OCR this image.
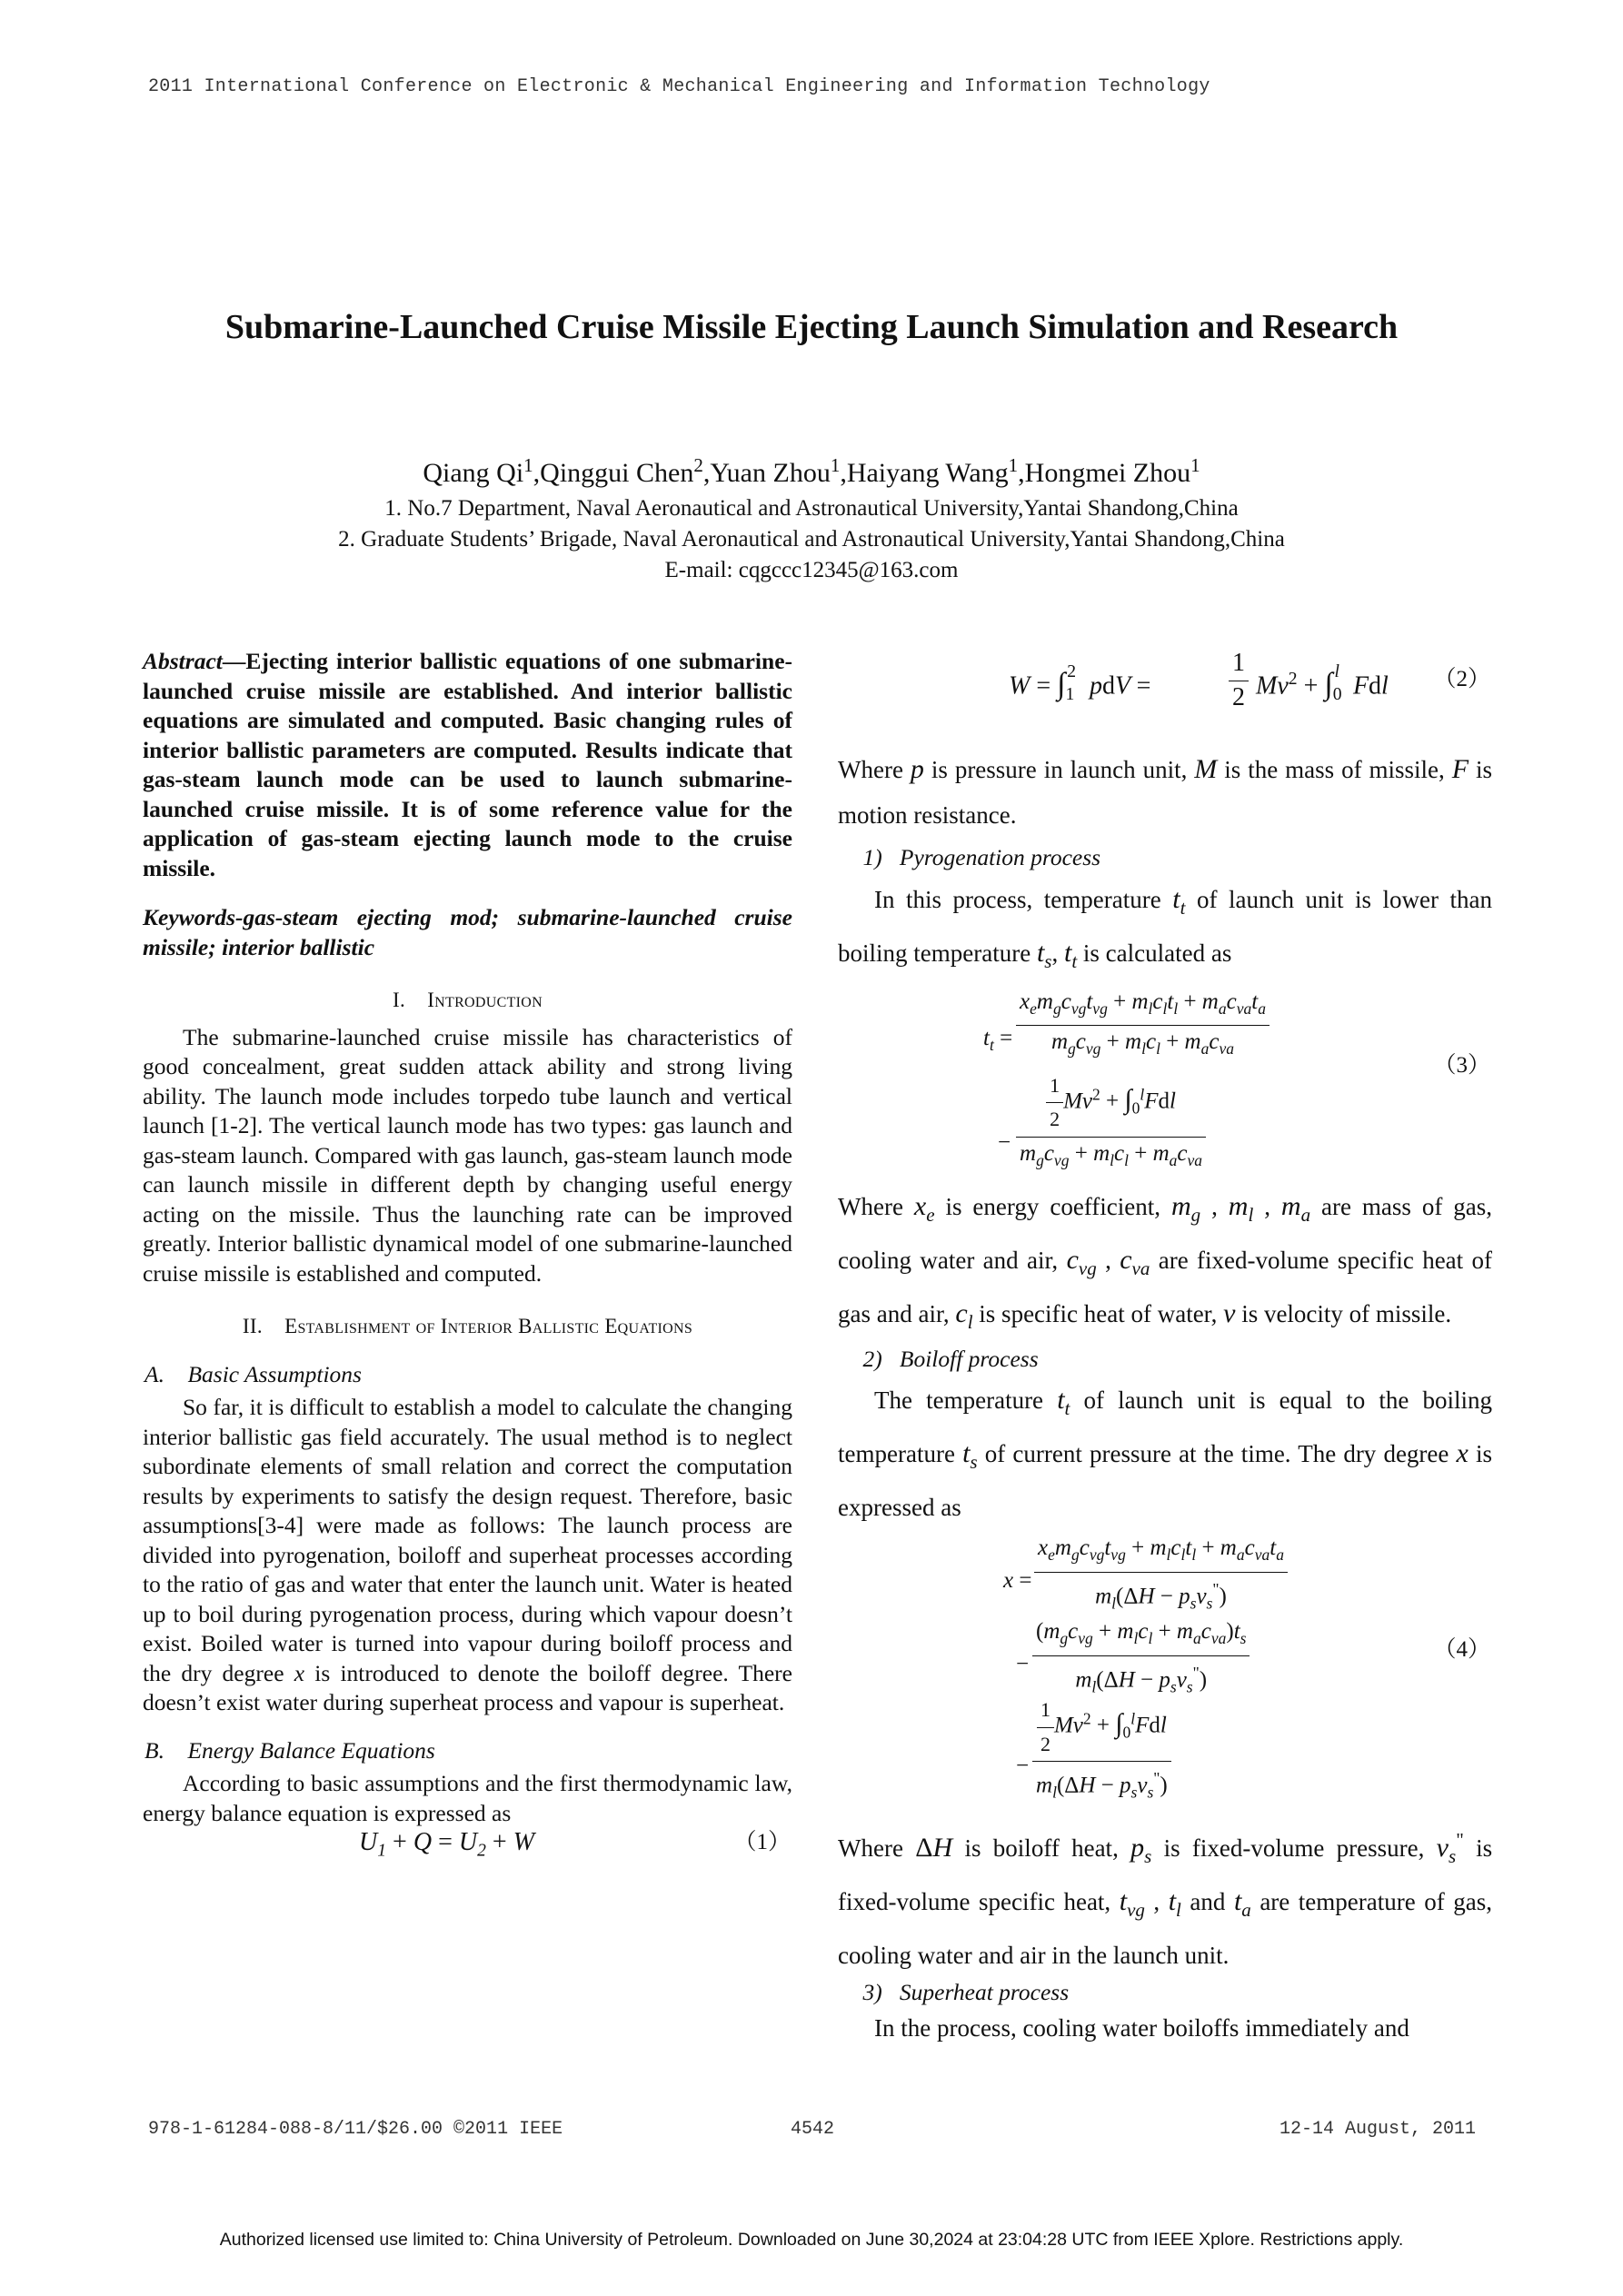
2011 International Conference on Electronic & Mechanical Engineering and Information Technology
Submarine-Launched Cruise Missile Ejecting Launch Simulation and Research
Qiang Qi$^1$,Qinggui Chen$^2$,Yuan Zhou$^1$,Haiyang Wang$^1$,Hongmei Zhou$^1$
1. No.7 Department, Naval Aeronautical and Astronautical University,Yantai Shandong,China
2. Graduate Students’ Brigade, Naval Aeronautical and Astronautical University,Yantai Shandong,China
E-mail: cqgccc12345@163.com

Abstract—Ejecting interior ballistic equations of one submarine-launched cruise missile are established. And interior ballistic equations are simulated and computed. Basic changing rules of interior ballistic parameters are computed. Results indicate that gas-steam launch mode can be used to launch submarine-launched cruise missile. It is of some reference value for the application of gas-steam ejecting launch mode to the cruise missile.

Keywords-gas-steam ejecting mod; submarine-launched cruise missile; interior ballistic

I. Introduction

The submarine-launched cruise missile has characteristics of good concealment, great sudden attack ability and strong living ability. The launch mode includes torpedo tube launch and vertical launch [1-2]. The vertical launch mode has two types: gas launch and gas-steam launch. Compared with gas launch, gas-steam launch mode can launch missile in different depth by changing useful energy acting on the missile. Thus the launching rate can be improved greatly. Interior ballistic dynamical model of one submarine-launched cruise missile is established and computed.

II. Establishment of Interior Ballistic Equations
A. Basic Assumptions

So far, it is difficult to establish a model to calculate the changing interior ballistic gas field accurately. The usual method is to neglect subordinate elements of small relation and correct the computation results by experiments to satisfy the design request. Therefore, basic assumptions[3-4] were made as follows: The launch process are divided into pyrogenation, boiloff and superheat processes according to the ratio of gas and water that enter the launch unit. Water is heated up to boil during pyrogenation process, during which vapour doesn’t exist. Boiled water is turned into vapour during boiloff process and the dry degree x is introduced to denote the boiloff degree. There doesn’t exist water during superheat process and vapour is superheat.

B. Energy Balance Equations

According to basic assumptions and the first thermodynamic law, energy balance equation is expressed as

$U_1 + Q = U_2 + W$	（1）
$W = \int_1^2$ pdV =	$\frac{1}{2} Mv^2 + \int_0^l$ Fdl （2）
Where p is pressure in launch unit, M is the mass of missile, F is motion resistance.
1) Pyrogenation process
In this process, temperature $t_t$ of launch unit is lower than boiling temperature $t_s$, $t_t$ is calculated as
$t_t$ =
$x_em_gc_{vg}t_{vg} + m_lc_lt_l + m_ac_{va}t_a$
$m_gc_{vg} + m_lc_l + m_ac_{va}$
−
$\frac{1}{2} Mv^2 + \int_0^lFdl$
$m_gc_{vg} + m_lc_l + m_ac_{va}$
（3）
Where $x_e$ is energy coefficient, $m_g$ , $m_l$ , $m_a$ are mass of gas, cooling water and air, $c_{vg}$ , $c_{va}$ are fixed-volume specific heat of gas and air, $c_l$ is specific heat of water, v is velocity of missile.
2) Boiloff process
The temperature $t_t$ of launch unit is equal to the boiling temperature $t_s$ of current pressure at the time. The dry degree x is expressed as
x =
$x_em_gc_{vg}t_{vg} + m_lc_lt_l + m_ac_{va}t_a$
$m_l(\Delta H - p_sv_s^")$
−
$(m_gc_{vg} + m_lc_l + m_ac_{va})t_s$
$m_l(\Delta H - p_sv_s^")$
−
$\frac{1}{2} Mv^2 + \int_0^lFdl$
$m_l(\Delta H - p_sv_s^")$
（4）
Where ΔH is boiloff heat, $p_s$ is fixed-volume pressure, $v_s^"$ is fixed-volume specific heat, $t_{vg}$ , $t_l$ and $t_a$ are temperature of gas, cooling water and air in the launch unit.
3) Superheat process
In the process, cooling water boiloffs immediately and
978-1-61284-088-8/11/$26.00 ©2011 IEEE	4542	12-14 August, 2011
Authorized licensed use limited to: China University of Petroleum. Downloaded on June 30,2024 at 23:04:28 UTC from IEEE Xplore. Restrictions apply.
